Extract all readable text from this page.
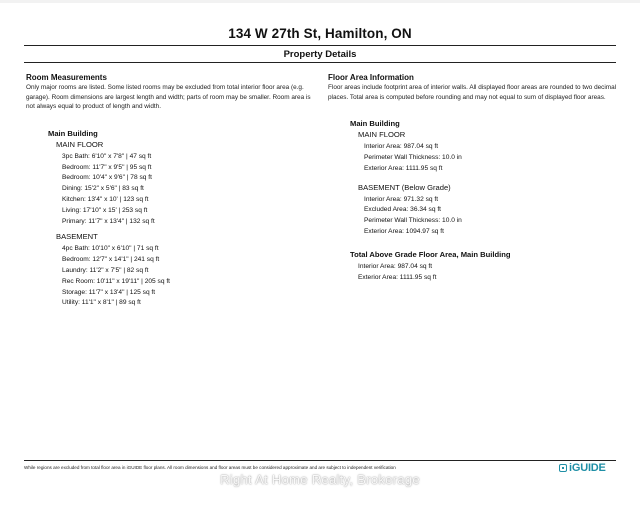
134 W 27th St, Hamilton, ON
Property Details

Room Measurements

Only major rooms are listed. Some listed rooms may be excluded from total interior floor area (e.g. garage). Room dimensions are largest length and width; parts of room may be smaller. Room area is not always equal to product of length and width.

Main Building

MAIN FLOOR

3pc Bath: 6'10" x 7'8" | 47 sq ft

Bedroom: 11'7" x 9'5" | 95 sq ft

Bedroom: 10'4" x 9'6" | 78 sq ft

Dining: 15'2" x 5'6" | 83 sq ft

Kitchen: 13'4" x 10' | 123 sq ft

Living: 17'10" x 15' | 253 sq ft

Primary: 11'7" x 13'4" | 132 sq ft

BASEMENT

4pc Bath: 10'10" x 6'10" | 71 sq ft

Bedroom: 12'7" x 14'1" | 241 sq ft

Laundry: 11'2" x 7'5" | 82 sq ft

Rec Room: 10'11" x 19'11" | 205 sq ft

Storage: 11'7" x 13'4" | 125 sq ft

Utility: 11'1" x 8'1" | 89 sq ft

Floor Area Information

Floor areas include footprint area of interior walls. All displayed floor areas are rounded to two decimal places. Total area is computed before rounding and may not equal to sum of displayed floor areas.

Main Building

MAIN FLOOR

Interior Area: 987.04 sq ft

Perimeter Wall Thickness: 10.0 in

Exterior Area: 1111.95 sq ft

BASEMENT (Below Grade)

Interior Area: 971.32 sq ft

Excluded Area: 36.34 sq ft

Perimeter Wall Thickness: 10.0 in

Exterior Area: 1094.97 sq ft

Total Above Grade Floor Area, Main Building

Interior Area: 987.04 sq ft

Exterior Area: 1111.95 sq ft

While regions are excluded from total floor area in iGUIDE floor plans. All room dimensions and floor areas must be considered approximate and are subject to independent verification	iGUIDE
Right At Home Realty, Brokerage
